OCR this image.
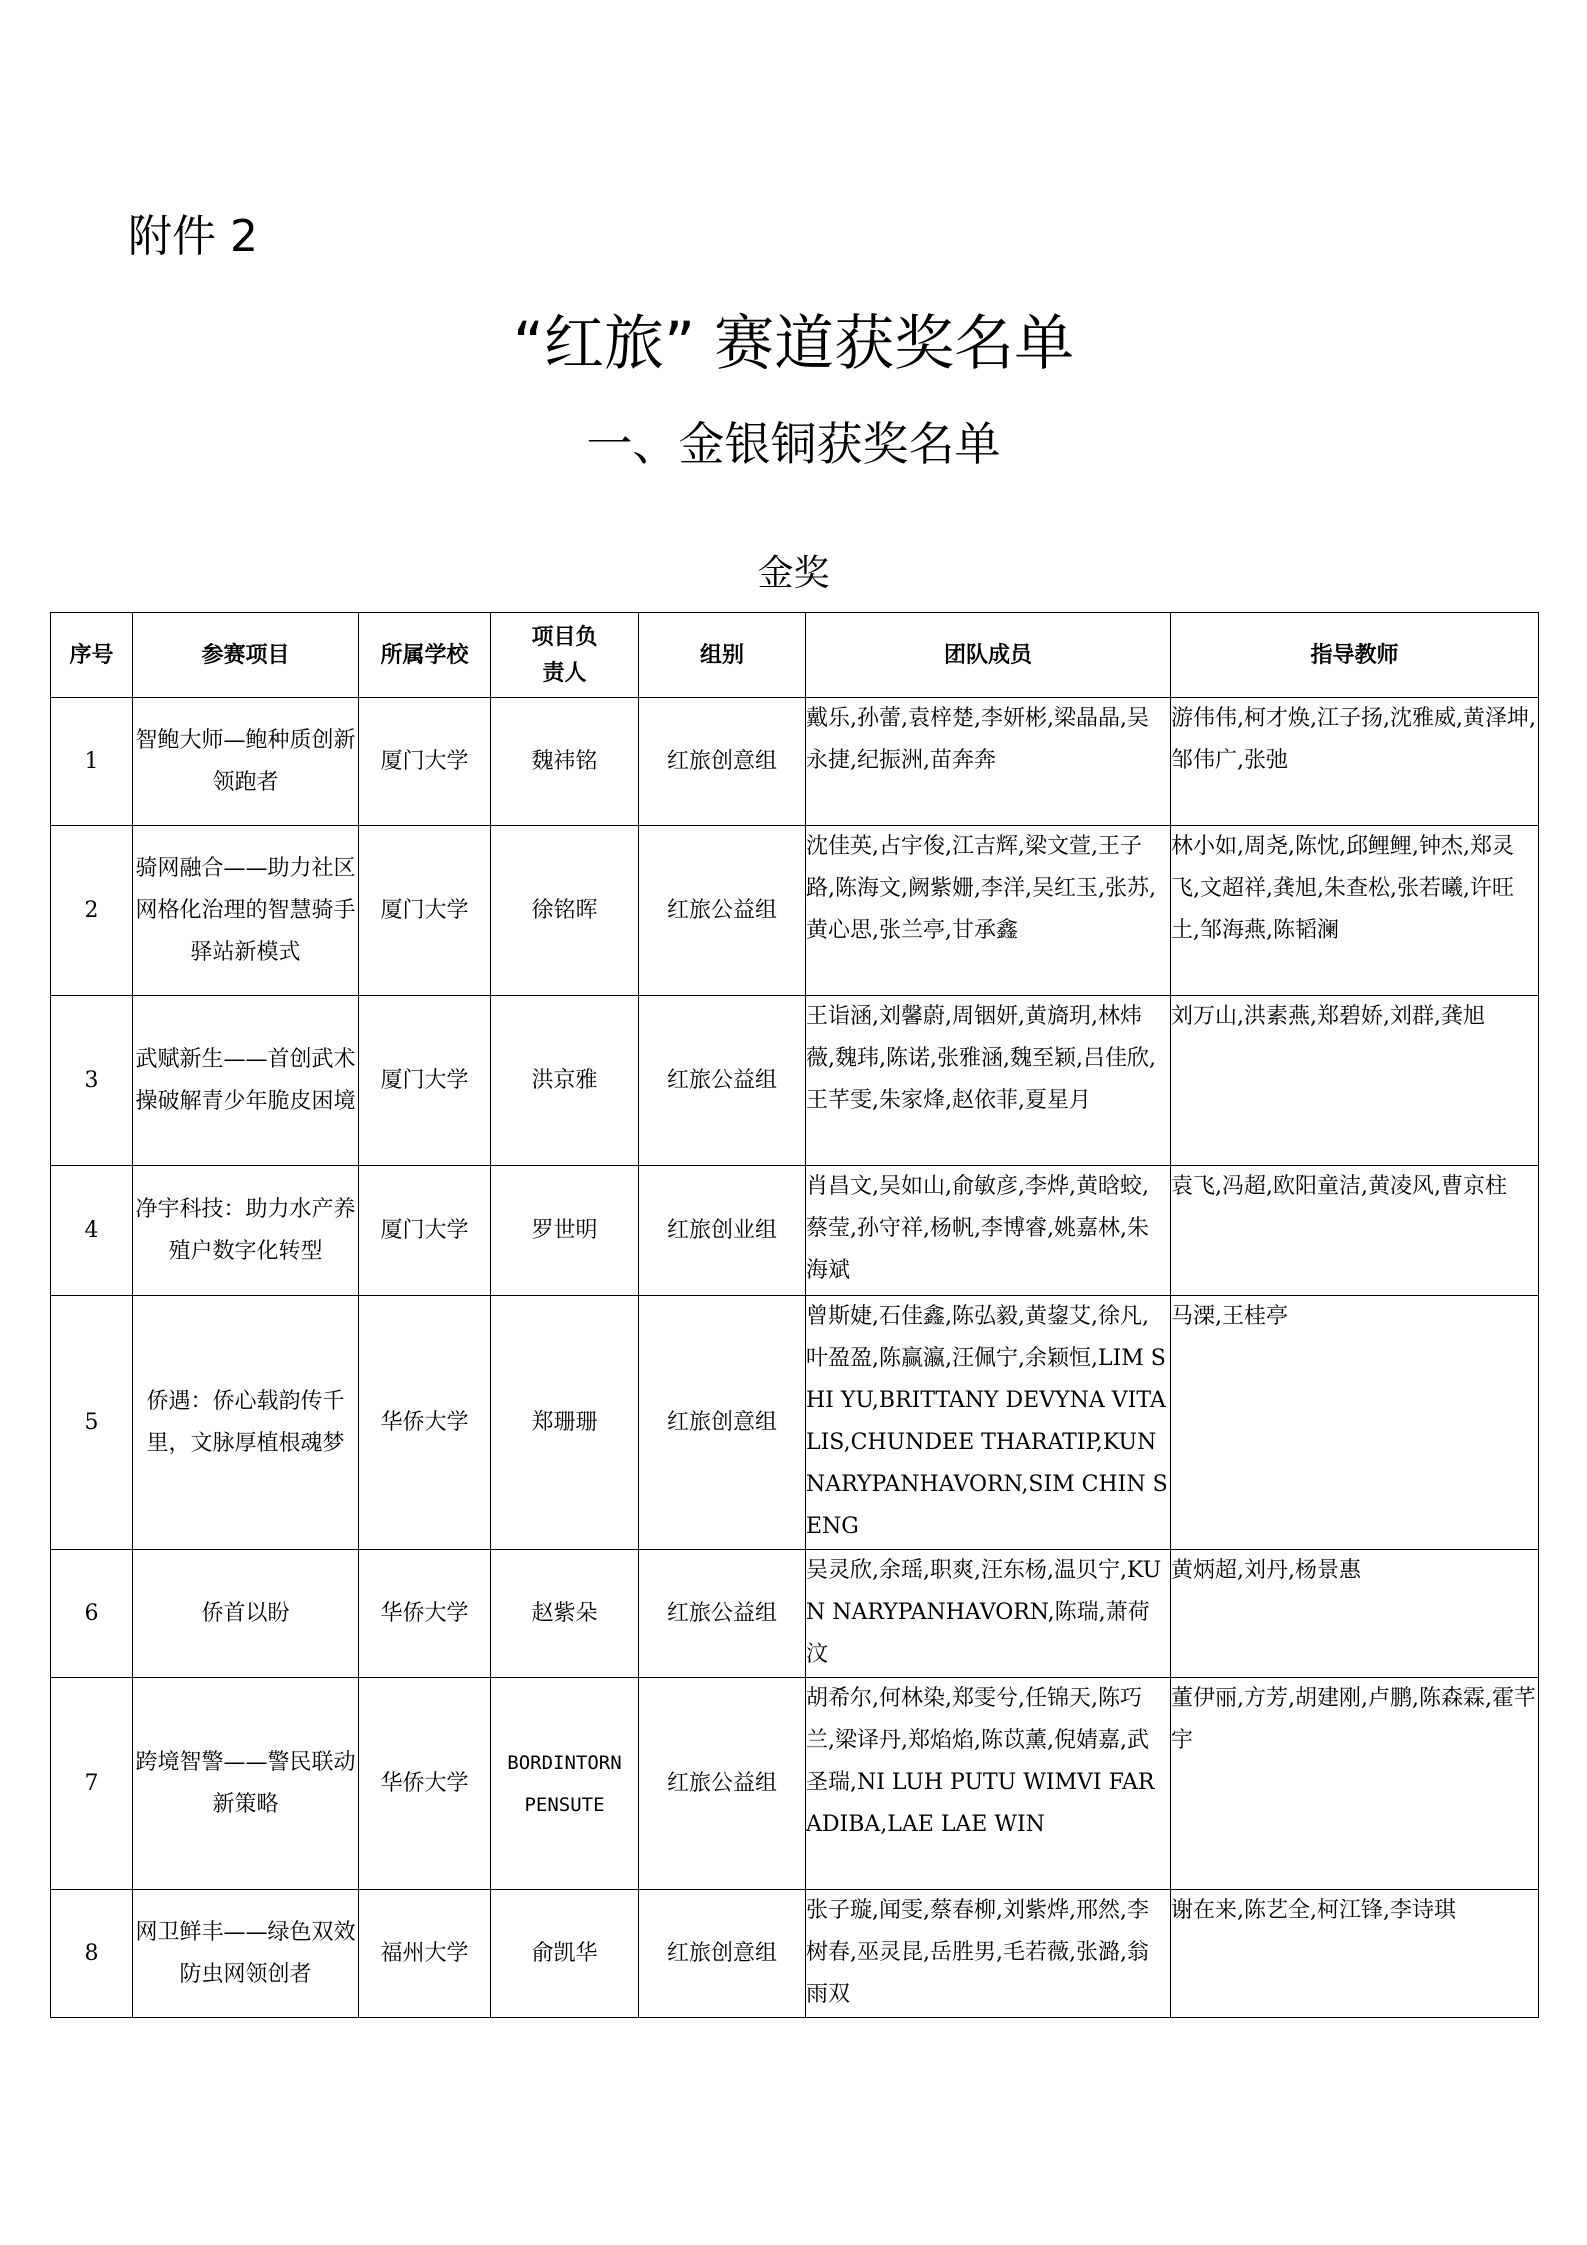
附件 2
“红旅” 赛道获奖名单
一、金银铜获奖名单
金奖
序号	参赛项目	所属学校	项目负责人	组别	团队成员	指导教师
1	智鲍大师—鲍种质创新领跑者	厦门大学	魏祎铭	红旅创意组	戴乐,孙蕾,袁梓楚,李妍彬,梁晶晶,吴永捷,纪振洲,苗奔奔	游伟伟,柯才焕,江子扬,沈雅威,黄泽坤,邹伟广,张弛
2	骑网融合——助力社区网格化治理的智慧骑手驿站新模式	厦门大学	徐铭晖	红旅公益组	沈佳英,占宇俊,江吉辉,梁文萱,王子路,陈海文,阙紫姗,李洋,吴红玉,张苏,黄心思,张兰亭,甘承鑫	林小如,周尧,陈忱,邱鲤鲤,钟杰,郑灵飞,文超祥,龚旭,朱查松,张若曦,许旺土,邹海燕,陈韬澜
3	武赋新生——首创武术操破解青少年脆皮困境	厦门大学	洪京雅	红旅公益组	王诣涵,刘馨蔚,周铟妍,黄旖玥,林炜薇,魏玮,陈诺,张雅涵,魏至颖,吕佳欣,王芊雯,朱家烽,赵依菲,夏星月	刘万山,洪素燕,郑碧娇,刘群,龚旭
4	净宇科技：助力水产养殖户数字化转型	厦门大学	罗世明	红旅创业组	肖昌文,吴如山,俞敏彦,李烨,黄晗蛟,蔡莹,孙守祥,杨帆,李博睿,姚嘉林,朱海斌	袁飞,冯超,欧阳童洁,黄凌风,曹京柱
5	侨遇：侨心载韵传千里，文脉厚植根魂梦	华侨大学	郑珊珊	红旅创意组	曾斯婕,石佳鑫,陈弘毅,黄鋆艾,徐凡,叶盈盈,陈赢瀛,汪佩宁,余颖恒,LIM SHI YU,BRITTANY DEVYNA VITALIS,CHUNDEE THARATIP,KUN NARYPANHAVORN,SIM CHIN SENG	马溧,王桂亭
6	侨首以盼	华侨大学	赵紫朵	红旅公益组	吴灵欣,余瑶,职爽,汪东杨,温贝宁,KUN NARYPANHAVORN,陈瑞,萧荷汶	黄炳超,刘丹,杨景惠
7	跨境智警——警民联动新策略	华侨大学	BORDINTORN PENSUTE	红旅公益组	胡希尔,何林染,郑雯兮,任锦天,陈巧兰,梁译丹,郑焰焰,陈苡薰,倪婧嘉,武圣瑞,NI LUH PUTU WIMVI FARADIBA,LAE LAE WIN	董伊丽,方芳,胡建刚,卢鹏,陈森霖,霍芊宇
8	网卫鲜丰——绿色双效防虫网领创者	福州大学	俞凯华	红旅创意组	张子璇,闻雯,蔡春柳,刘紫烨,邢然,李树春,巫灵昆,岳胜男,毛若薇,张潞,翁雨双	谢在来,陈艺全,柯江锋,李诗琪
